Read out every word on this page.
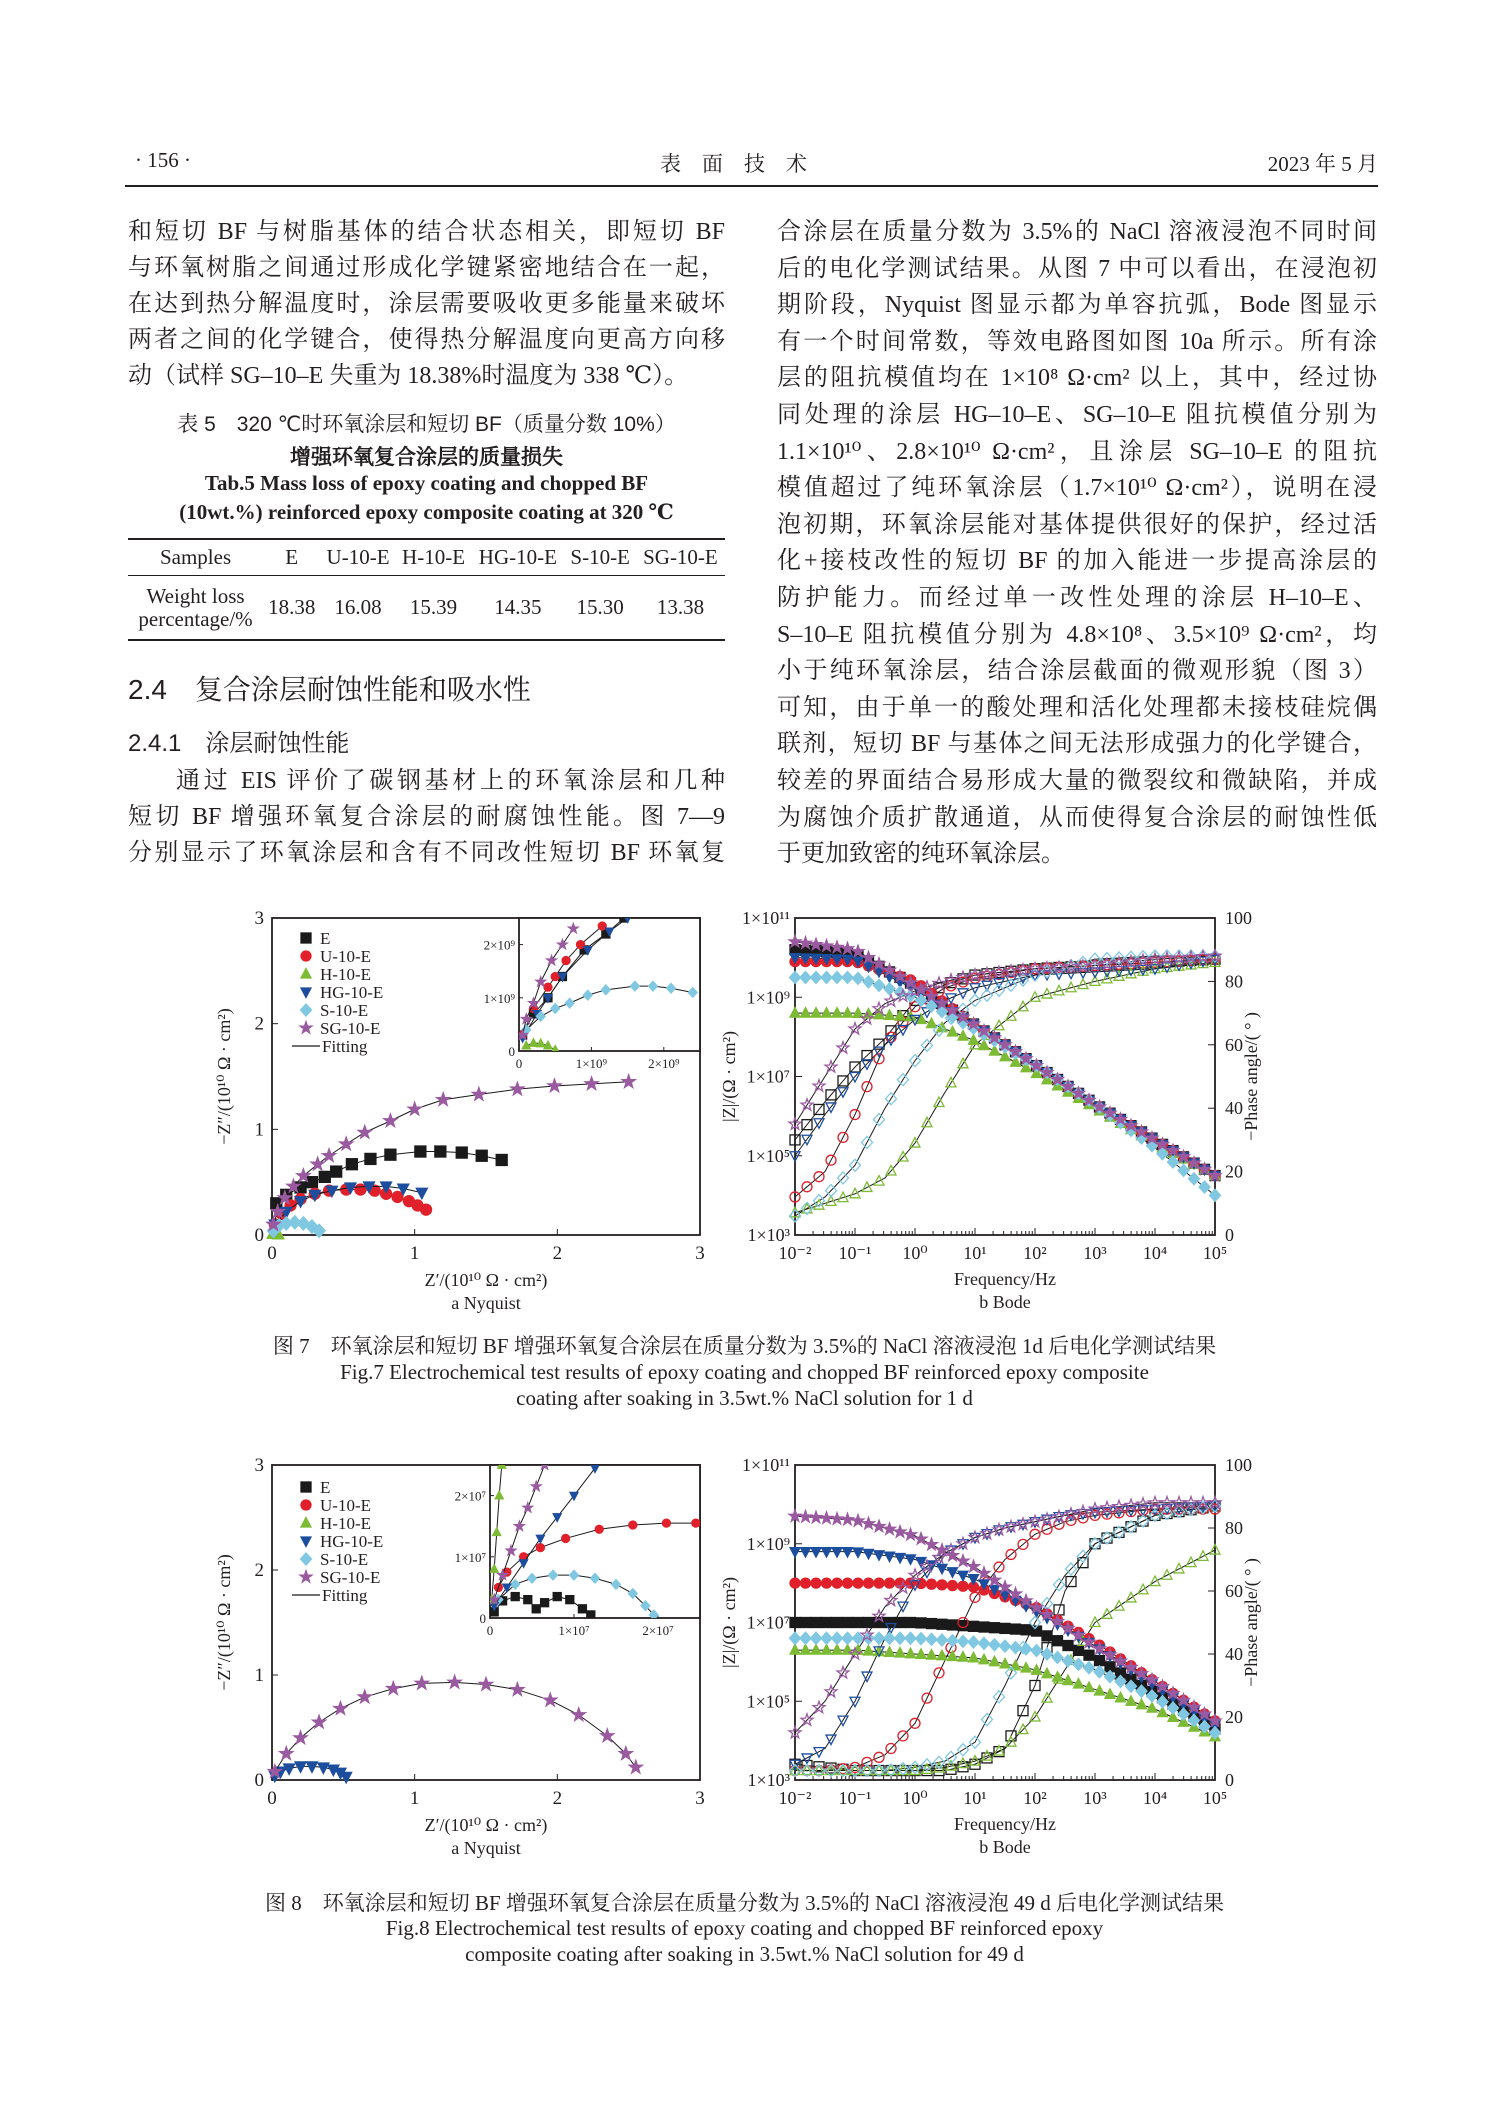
· 156 ·	表　面　技　术	2023 年 5 月
和短切 BF 与树脂基体的结合状态相关，即短切 BF
与环氧树脂之间通过形成化学键紧密地结合在一起，
在达到热分解温度时，涂层需要吸收更多能量来破坏
两者之间的化学键合，使得热分解温度向更高方向移
动（试样 SG–10–E 失重为 18.38%时温度为 338 ℃）。
表 5　320 ℃时环氧涂层和短切 BF（质量分数 10%）
增强环氧复合涂层的质量损失
Tab.5 Mass loss of epoxy coating and chopped BF
(10wt.%) reinforced epoxy composite coating at 320 ℃
Samples	E	U-10-E	H-10-E	HG-10-E	S-10-E	SG-10-E
Weight loss
percentage/%	18.38	16.08	15.39	14.35	15.30	13.38
2.4　复合涂层耐蚀性能和吸水性
2.4.1　涂层耐蚀性能
通过 EIS 评价了碳钢基材上的环氧涂层和几种
短切 BF 增强环氧复合涂层的耐腐蚀性能。图 7—9
分别显示了环氧涂层和含有不同改性短切 BF 环氧复
合涂层在质量分数为 3.5%的 NaCl 溶液浸泡不同时间
后的电化学测试结果。从图 7 中可以看出，在浸泡初
期阶段，Nyquist 图显示都为单容抗弧，Bode 图显示
有一个时间常数，等效电路图如图 10a 所示。所有涂
层的阻抗模值均在 1×10⁸ Ω·cm² 以上，其中，经过协
同处理的涂层 HG–10–E、SG–10–E 阻抗模值分别为
1.1×10¹⁰、2.8×10¹⁰ Ω·cm²，且涂层 SG–10–E 的阻抗
模值超过了纯环氧涂层（1.7×10¹⁰ Ω·cm²），说明在浸
泡初期，环氧涂层能对基体提供很好的保护，经过活
化+接枝改性的短切 BF 的加入能进一步提高涂层的
防护能力。而经过单一改性处理的涂层 H–10–E、
S–10–E 阻抗模值分别为 4.8×10⁸、3.5×10⁹ Ω·cm²，均
小于纯环氧涂层，结合涂层截面的微观形貌（图 3）
可知，由于单一的酸处理和活化处理都未接枝硅烷偶
联剂，短切 BF 与基体之间无法形成强力的化学键合，
较差的界面结合易形成大量的微裂纹和微缺陷，并成
为腐蚀介质扩散通道，从而使得复合涂层的耐蚀性低
于更加致密的纯环氧涂层。
图 7　环氧涂层和短切 BF 增强环氧复合涂层在质量分数为 3.5%的 NaCl 溶液浸泡 1d 后电化学测试结果
Fig.7 Electrochemical test results of epoxy coating and chopped BF reinforced epoxy composite
coating after soaking in 3.5wt.% NaCl solution for 1 d
图 8　环氧涂层和短切 BF 增强环氧复合涂层在质量分数为 3.5%的 NaCl 溶液浸泡 49 d 后电化学测试结果
Fig.8 Electrochemical test results of epoxy coating and chopped BF reinforced epoxy
composite coating after soaking in 3.5wt.% NaCl solution for 49 d
0	1	2	3
0
1
2
3
Z′/(10¹⁰ Ω · cm²)
a Nyquist
−Z″/(10¹⁰ Ω · cm²)	0	1×10⁹	2×10⁹
0
1×10⁹
2×10⁹
E
U-10-E
H-10-E
HG-10-E
S-10-E
SG-10-E
Fitting
10⁻² 10⁻¹ 10⁰ 10¹ 10² 10³ 10⁴ 10⁵
1×10³
1×10⁵
1×10⁷
1×10⁹
1×10¹¹
0
20
40
60
80
100
Frequency/Hz
b Bode
|Z|/(Ω · cm²)	−Phase angle/( ° )
0	1	2	3
0
1
2
3
Z′/(10¹⁰ Ω · cm²)
a Nyquist
−Z″/(10¹⁰ Ω · cm²)	0	1×10⁷	2×10⁷
0
1×10⁷
2×10⁷
E
U-10-E
H-10-E
HG-10-E
S-10-E
SG-10-E
Fitting
10⁻² 10⁻¹ 10⁰ 10¹ 10² 10³ 10⁴ 10⁵
1×10³
1×10⁵
1×10⁷
1×10⁹
1×10¹¹
0
20
40
60
80
100
Frequency/Hz
b Bode
|Z|/(Ω · cm²)	−Phase angle/( ° )
